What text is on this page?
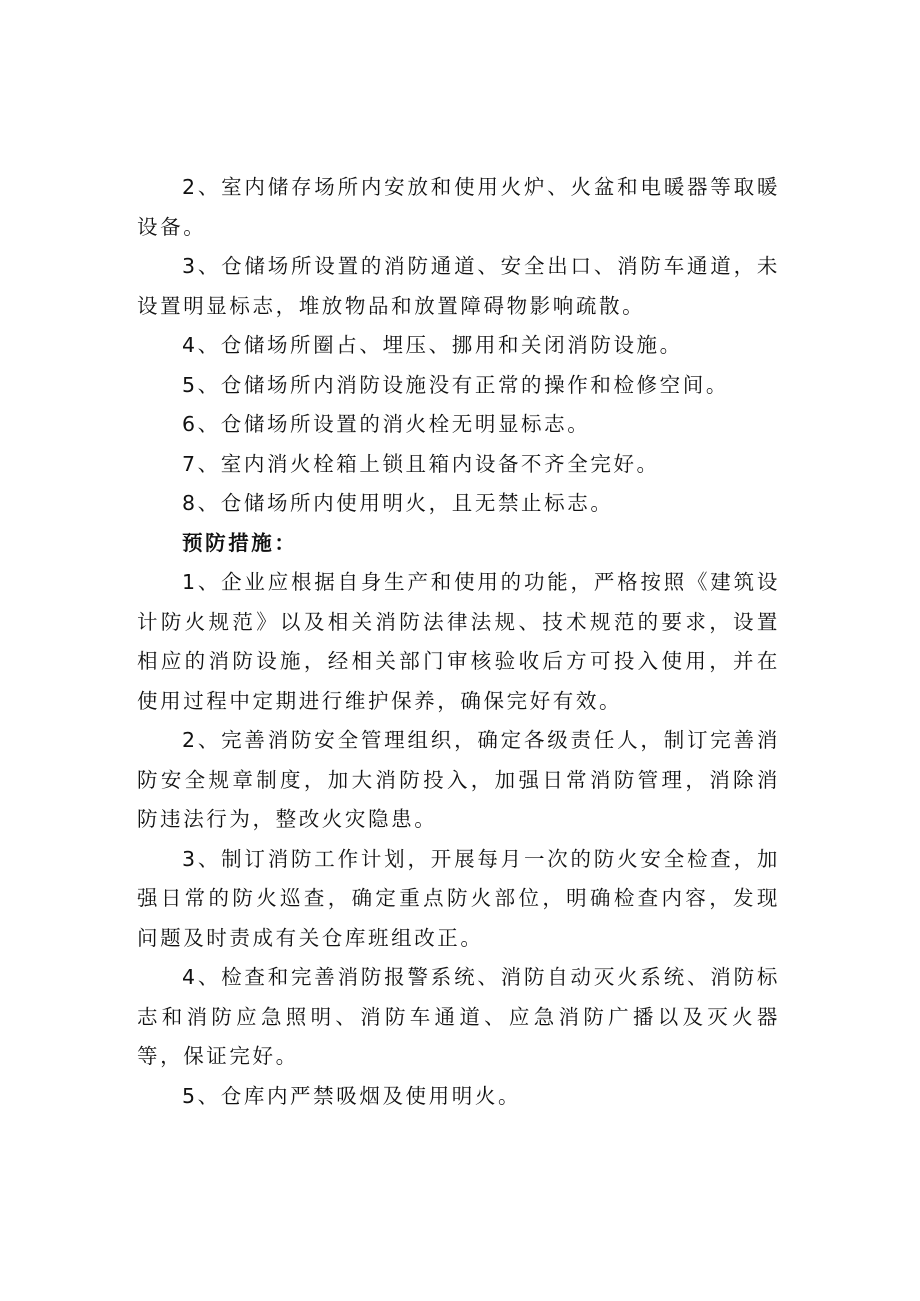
2、室内储存场所内安放和使用火炉、火盆和电暖器等取暖设备。

3、仓储场所设置的消防通道、安全出口、消防车通道，未设置明显标志，堆放物品和放置障碍物影响疏散。

4、仓储场所圈占、埋压、挪用和关闭消防设施。

5、仓储场所内消防设施没有正常的操作和检修空间。

6、仓储场所设置的消火栓无明显标志。

7、室内消火栓箱上锁且箱内设备不齐全完好。

8、仓储场所内使用明火，且无禁止标志。

预防措施：

1、企业应根据自身生产和使用的功能，严格按照《建筑设计防火规范》以及相关消防法律法规、技术规范的要求，设置相应的消防设施，经相关部门审核验收后方可投入使用，并在使用过程中定期进行维护保养，确保完好有效。

2、完善消防安全管理组织，确定各级责任人，制订完善消防安全规章制度，加大消防投入，加强日常消防管理，消除消防违法行为，整改火灾隐患。

3、制订消防工作计划，开展每月一次的防火安全检查，加强日常的防火巡查，确定重点防火部位，明确检查内容，发现问题及时责成有关仓库班组改正。

4、检查和完善消防报警系统、消防自动灭火系统、消防标志和消防应急照明、消防车通道、应急消防广播以及灭火器等，保证完好。

5、仓库内严禁吸烟及使用明火。
